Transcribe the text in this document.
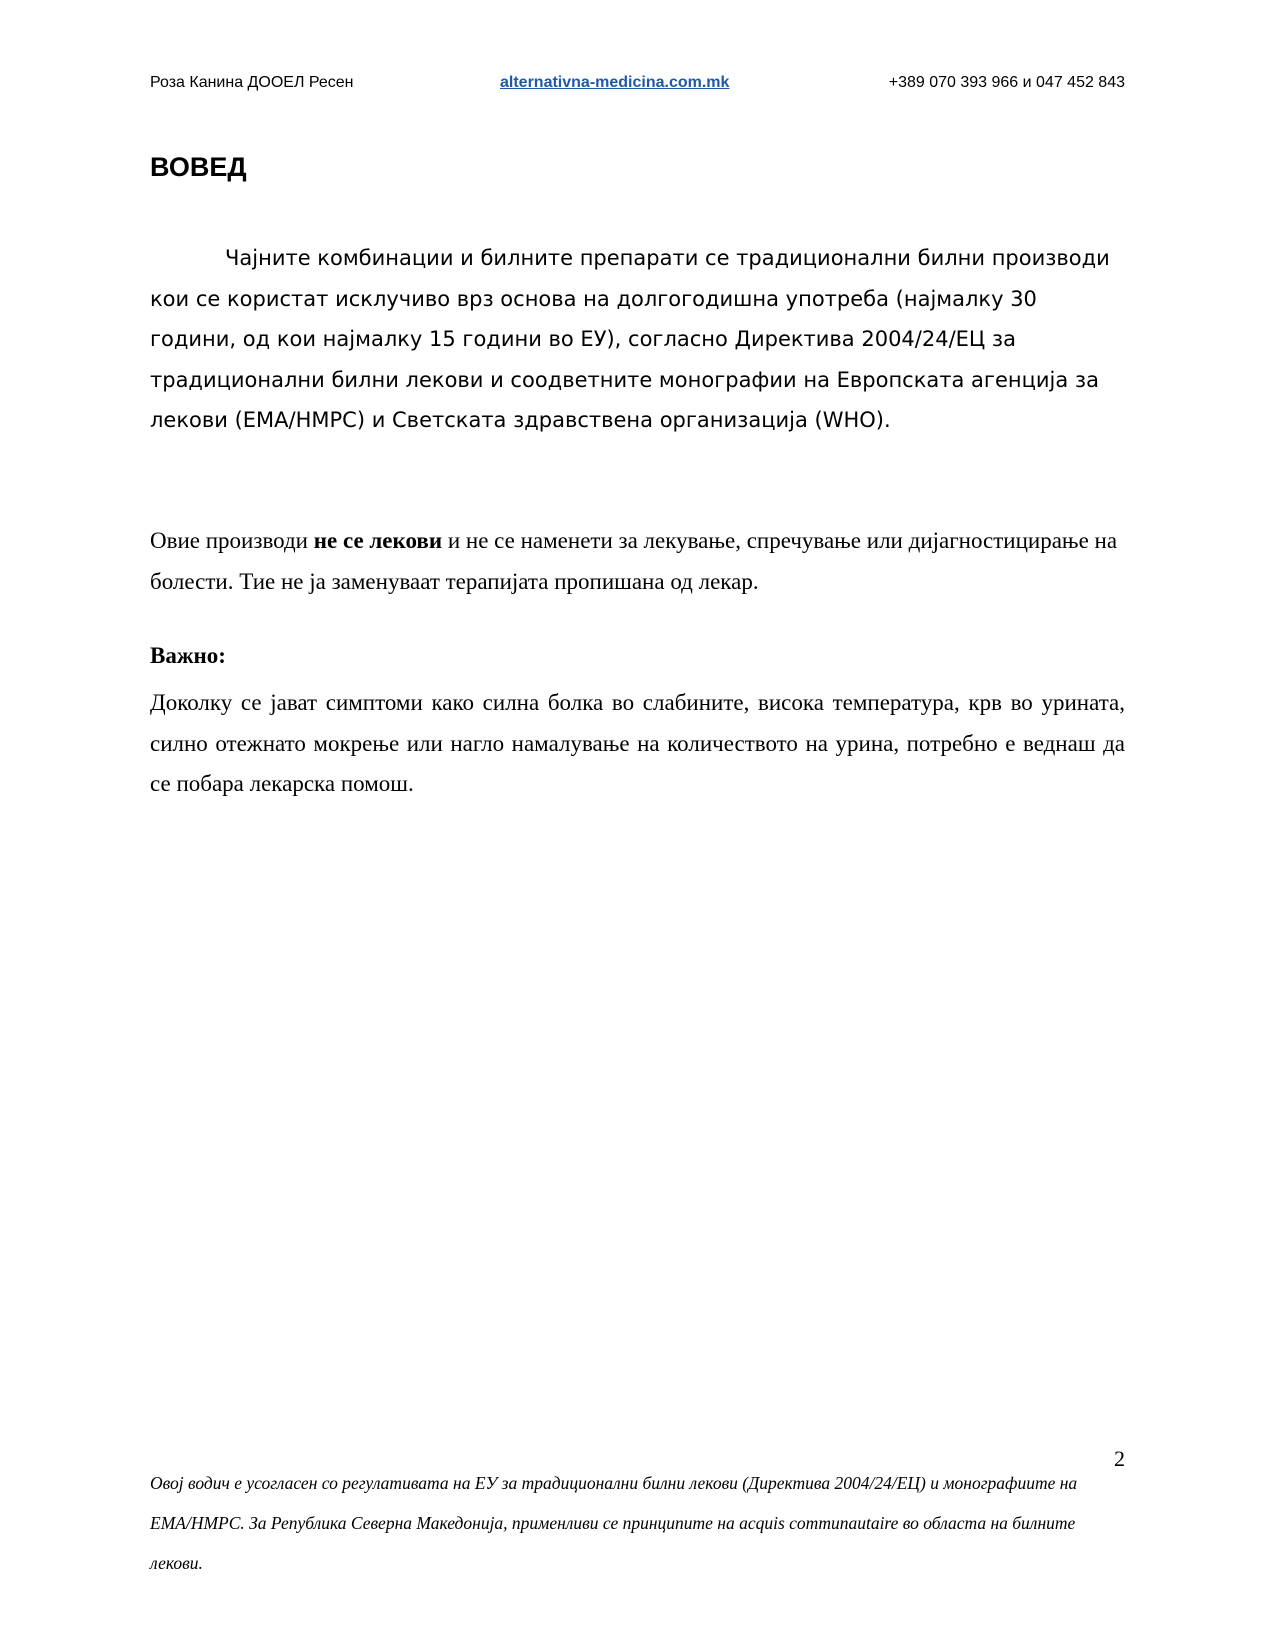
Роза Канина ДООЕЛ Ресен	alternativna-medicina.com.mk	+389 070 393 966 и 047 452 843
ВОВЕД

Чајните комбинации и билните препарати се традиционални билни производи кои се користат исклучиво врз основа на долгогодишна употреба (најмалку 30 години, од кои најмалку 15 години во ЕУ), согласно Директива 2004/24/ЕЦ за традиционални билни лекови и соодветните монографии на Европската агенција за лекови (ЕМА/HMPC) и Светската здравствена организација (WHO).

Овие производи не се лекови и не се наменети за лекување, спречување или дијагностицирање на болести. Тие не ја заменуваат терапијата пропишана од лекар.

Важно:

Доколку се јават симптоми како силна болка во слабините, висока температура, крв во урината, силно отежнато мокрење или нагло намалување на количеството на урина, потребно е веднаш да се побара лекарска помош.

2

Овој водич е усогласен со регулативата на ЕУ за традиционални билни лекови (Директива 2004/24/ЕЦ) и монографиите на ЕМА/HMPC. За Република Северна Македонија, применливи се принципите на acquis communautaire во областа на билните лекови.
